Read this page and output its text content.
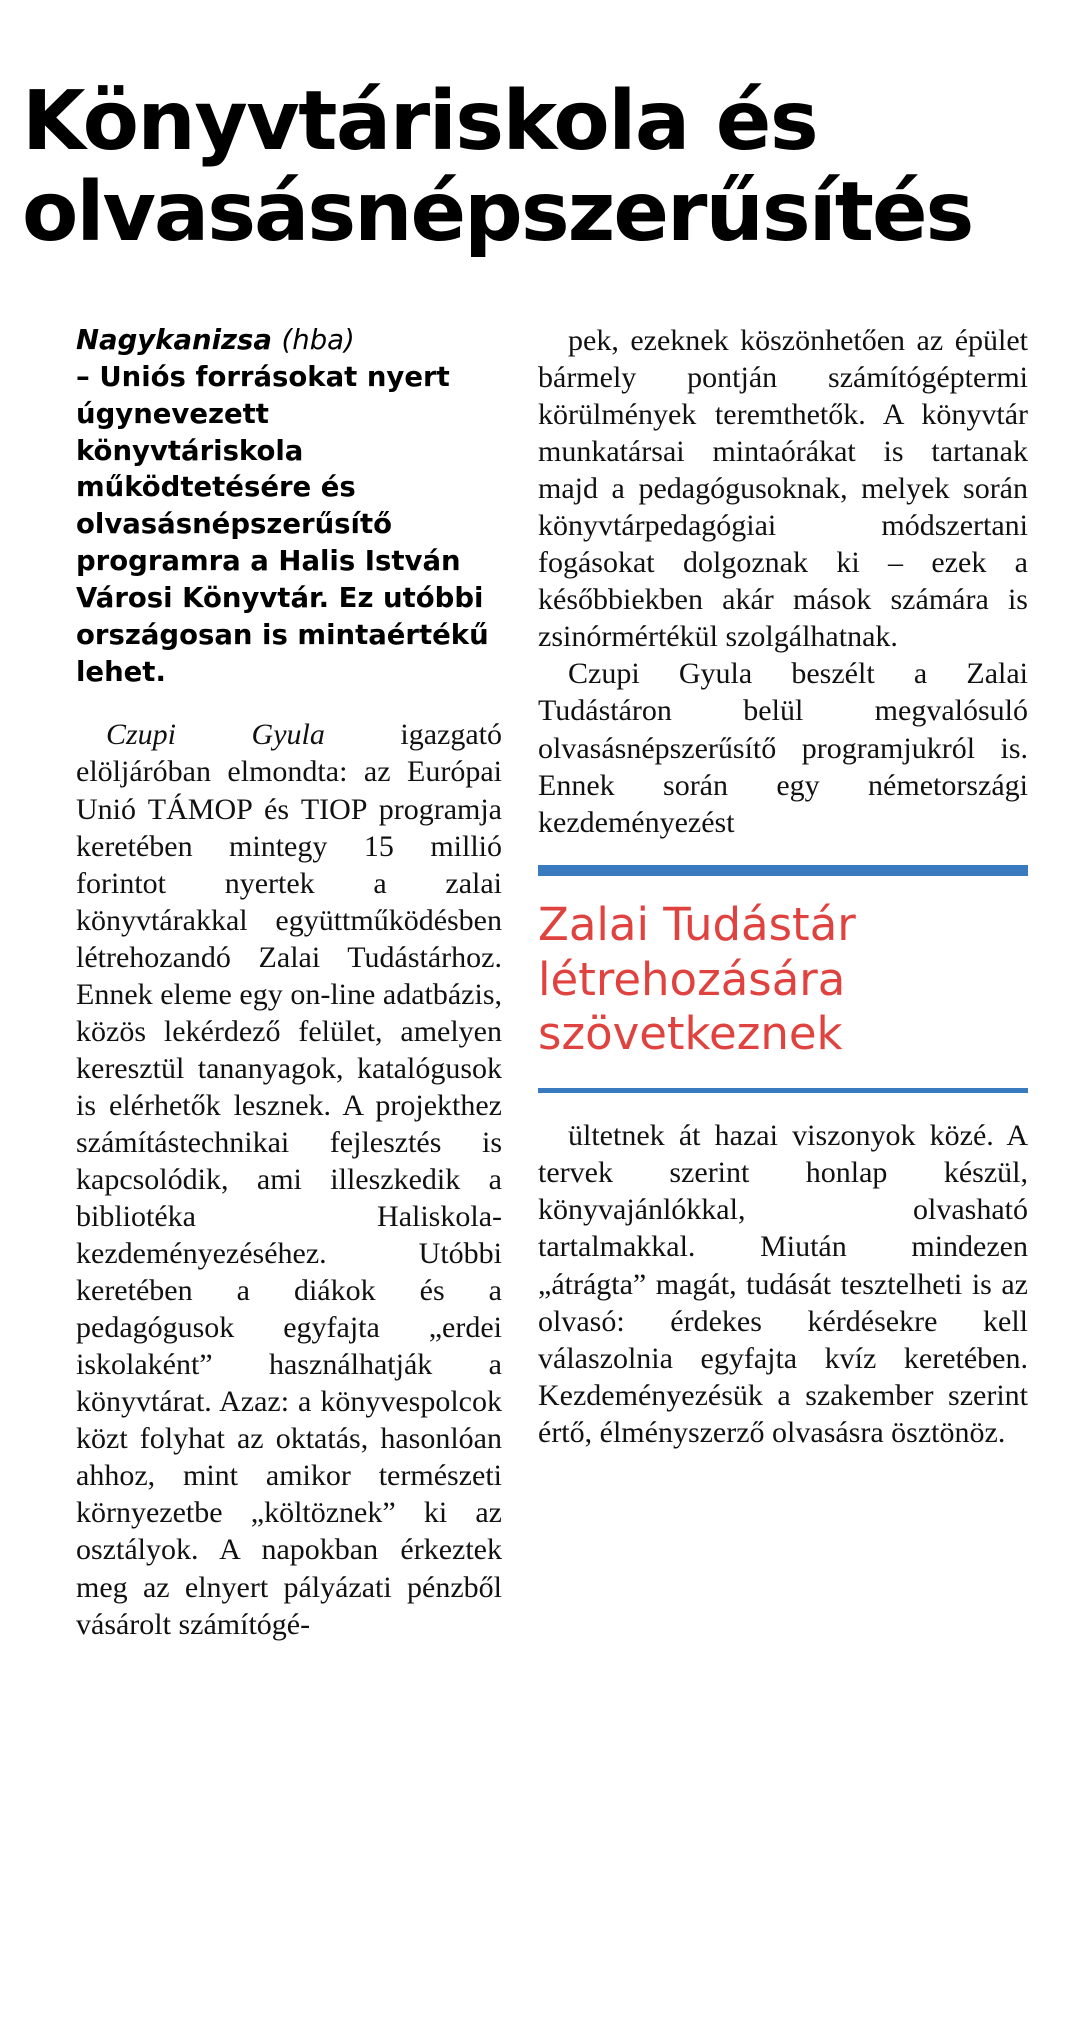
Könyvtáriskola és
olvasásnépszerűsítés

Nagykanizsa (hba)
– Uniós forrásokat nyert úgynevezett könyvtáriskola működtetésére és olvasásnépszerűsítő programra a Halis István Városi Könyvtár. Ez utóbbi országosan is mintaértékű lehet.

Czupi Gyula igazgató elöljáróban elmondta: az Európai Unió TÁMOP és TIOP programja keretében mintegy 15 millió forintot nyertek a zalai könyvtárakkal együttműködésben létrehozandó Zalai Tudástárhoz. Ennek eleme egy on-line adatbázis, közös lekérdező felület, amelyen keresztül tananyagok, katalógusok is elérhetők lesznek. A projekthez számítástechnikai fejlesztés is kapcsolódik, ami illeszkedik a bibliotéka Haliskola-kezdeményezéséhez. Utóbbi keretében a diákok és a pedagógusok egyfajta „erdei iskolaként” használhatják a könyvtárat. Azaz: a könyvespolcok közt folyhat az oktatás, hasonlóan ahhoz, mint amikor természeti környezetbe „költöznek” ki az osztályok. A napokban érkeztek meg az elnyert pályázati pénzből vásárolt számítógé-

pek, ezeknek köszönhetően az épület bármely pontján számítógéptermi körülmények teremthetők. A könyvtár munkatársai mintaórákat is tartanak majd a pedagógusoknak, melyek során könyvtárpedagógiai módszertani fogásokat dolgoznak ki – ezek a későbbiekben akár mások számára is zsinórmértékül szolgálhatnak.

Czupi Gyula beszélt a Zalai Tudástáron belül megvalósuló olvasásnépszerűsítő programjukról is. Ennek során egy németországi kezdeményezést

Zalai Tudástár létrehozására szövetkeznek

ültetnek át hazai viszonyok közé. A tervek szerint honlap készül, könyvajánlókkal, olvasható tartalmakkal. Miután mindezen „átrágta” magát, tudását tesztelheti is az olvasó: érdekes kérdésekre kell válaszolnia egyfajta kvíz keretében. Kezdeményezésük a szakember szerint értő, élményszerző olvasásra ösztönöz.
